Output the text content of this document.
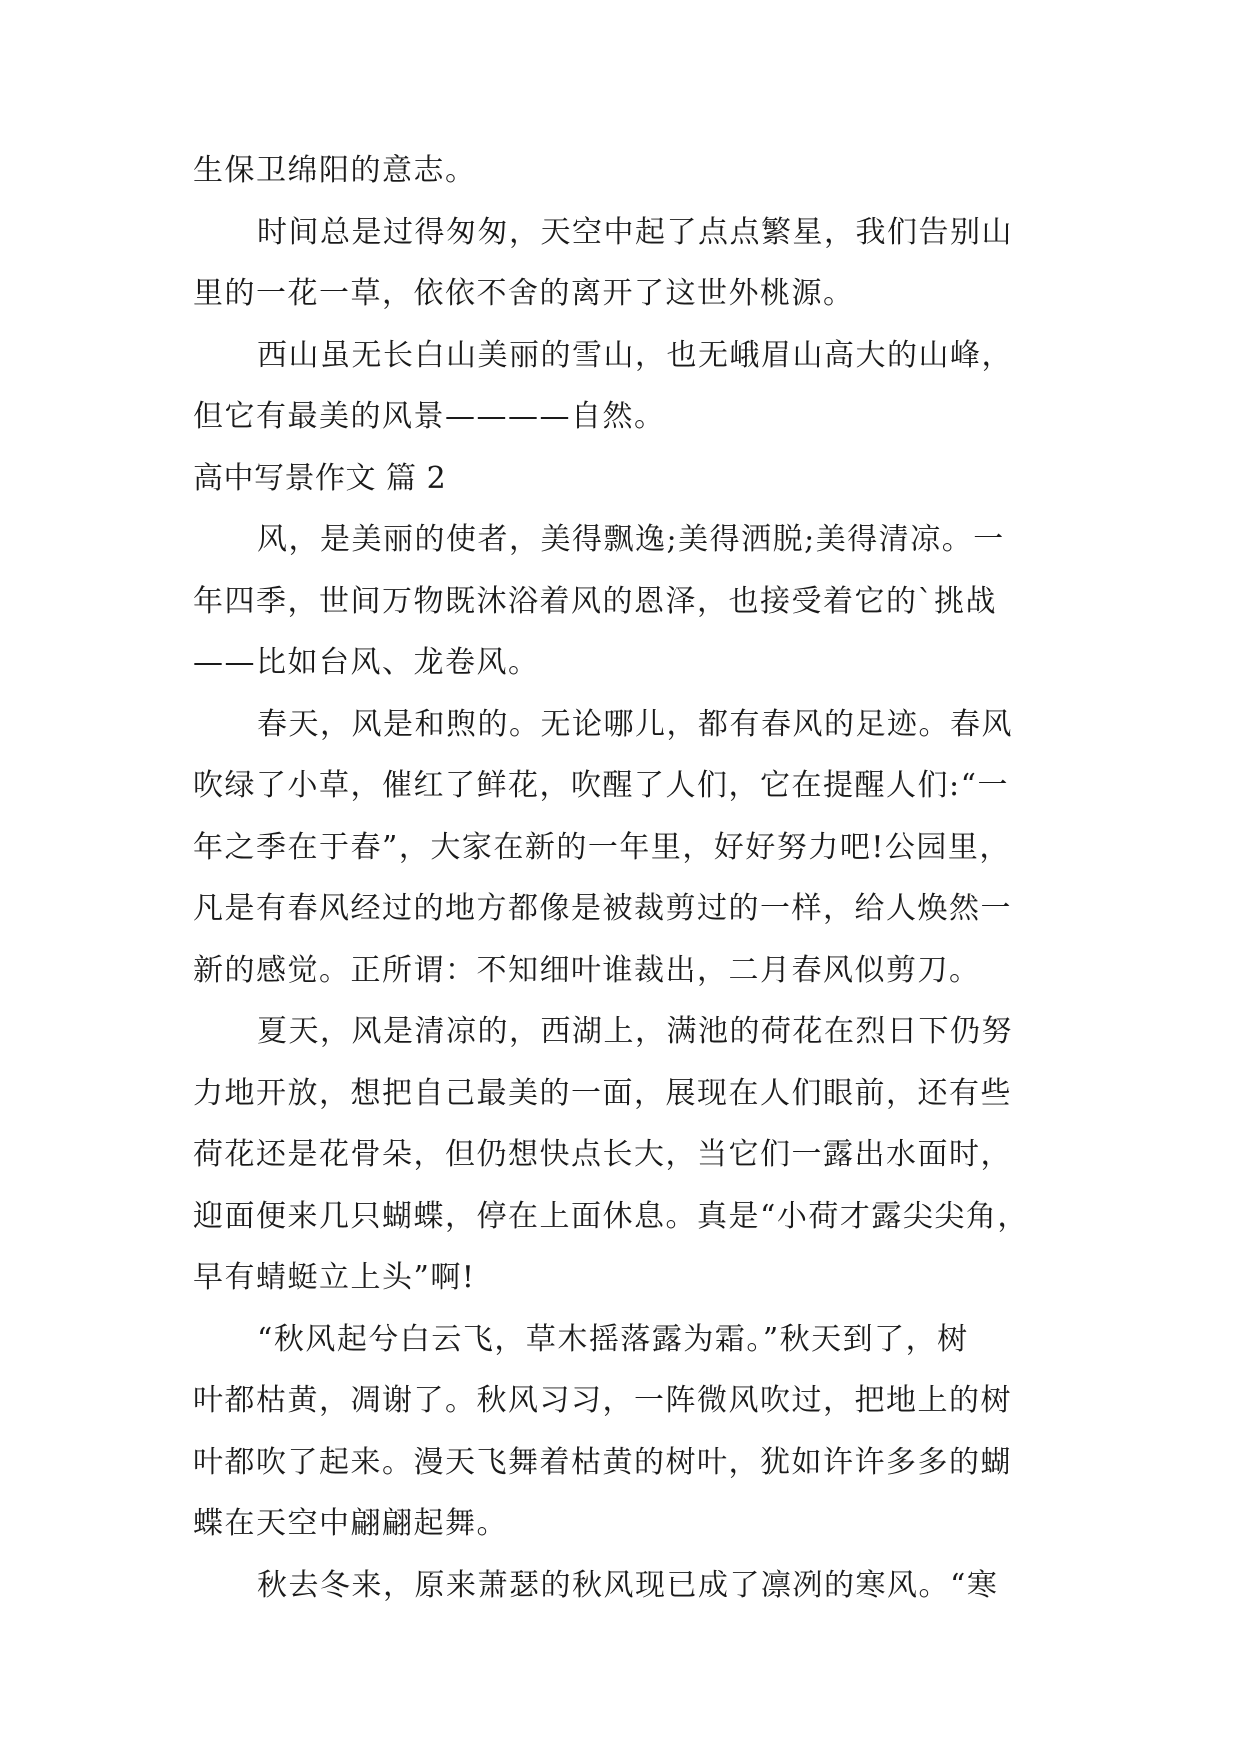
生保卫绵阳的意志。
时间总是过得匆匆，天空中起了点点繁星，我们告别山
里的一花一草，依依不舍的离开了这世外桃源。
西山虽无长白山美丽的雪山，也无峨眉山高大的山峰，
但它有最美的风景————自然。
高中写景作文 篇 2
风，是美丽的使者，美得飘逸;美得洒脱;美得清凉。一
年四季，世间万物既沐浴着风的恩泽，也接受着它的`挑战
——比如台风、龙卷风。
春天，风是和煦的。无论哪儿，都有春风的足迹。春风
吹绿了小草，催红了鲜花，吹醒了人们，它在提醒人们:“一
年之季在于春”，大家在新的一年里，好好努力吧!公园里，
凡是有春风经过的地方都像是被裁剪过的一样，给人焕然一
新的感觉。正所谓：不知细叶谁裁出，二月春风似剪刀。
夏天，风是清凉的，西湖上，满池的荷花在烈日下仍努
力地开放，想把自己最美的一面，展现在人们眼前，还有些
荷花还是花骨朵，但仍想快点长大，当它们一露出水面时，
迎面便来几只蝴蝶，停在上面休息。真是“小荷才露尖尖角，
早有蜻蜓立上头”啊!
“秋风起兮白云飞，草木摇落露为霜。”秋天到了，树
叶都枯黄，凋谢了。秋风习习，一阵微风吹过，把地上的树
叶都吹了起来。漫天飞舞着枯黄的树叶，犹如许许多多的蝴
蝶在天空中翩翩起舞。
秋去冬来，原来萧瑟的秋风现已成了凛冽的寒风。“寒
